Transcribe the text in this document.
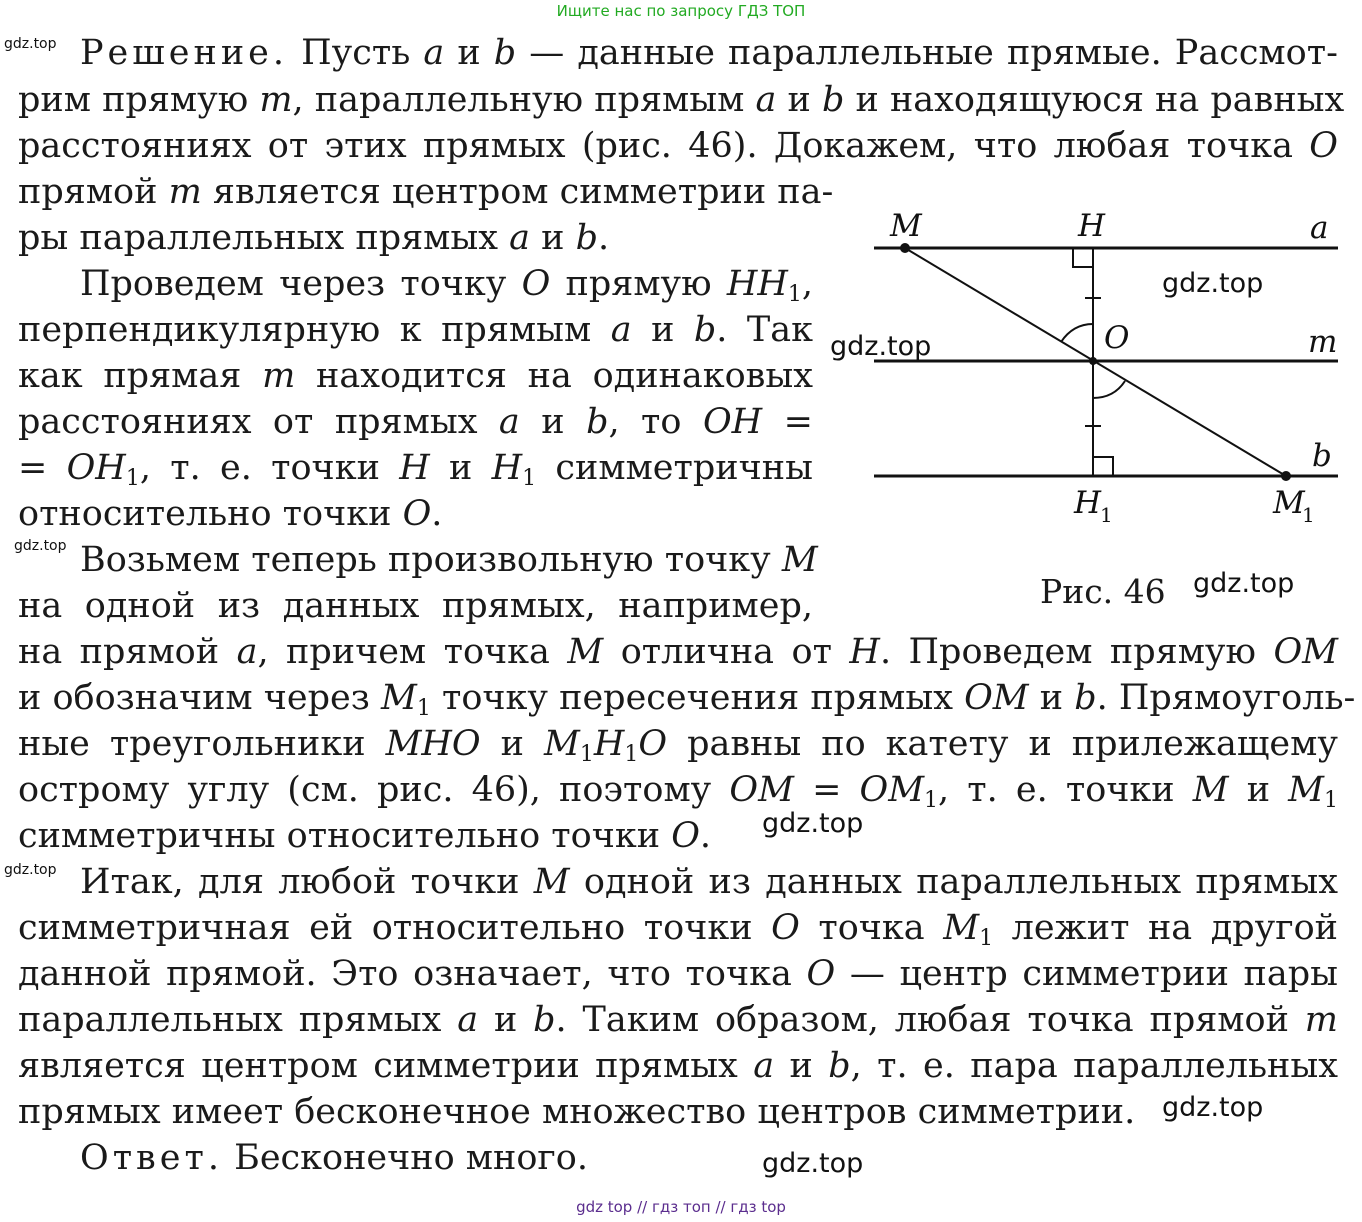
Ищите нас по запросу ГДЗ ТОП
gdz.top
gdz.top
gdz.top
gdz.top
gdz.top
gdz.top
gdz.top
gdz.top
gdz.top
Решение. Пусть a и b — данные параллельные прямые. Рассмот-
рим прямую m, параллельную прямым a и b и находящуюся на равных
расстояниях от этих прямых (рис. 46). Докажем, что любая точка O
прямой m является центром симметрии па-
ры параллельных прямых a и b.
Проведем через точку O прямую $HH_1$,
перпендикулярную к прямым a и b. Так
как прямая m находится на одинаковых
расстояниях от прямых a и b, то OH =
= $OH_1$, т. е. точки H и $H_1$ симметричны
относительно точки O.
Возьмем теперь произвольную точку M
на одной из данных прямых, например,
на прямой a, причем точка M отлична от H. Проведем прямую OM
и обозначим через $M_1$ точку пересечения прямых OM и b. Прямоуголь-
ные треугольники MHO и $M_1H_1O$ равны по катету и прилежащему
острому углу (см. рис. 46), поэтому OM = $OM_1$, т. е. точки M и $M_1$
симметричны относительно точки O.
Итак, для любой точки M одной из данных параллельных прямых
симметричная ей относительно точки O точка $M_1$ лежит на другой
данной прямой. Это означает, что точка O — центр симметрии пары
параллельных прямых a и b. Таким образом, любая точка прямой m
является центром симметрии прямых a и b, т. е. пара параллельных
прямых имеет бесконечное множество центров симметрии.
Ответ. Бесконечно много.
M	H	a
O	m
b
H
1	M
1
Рис. 46
gdz top // гдз топ // гдз top
